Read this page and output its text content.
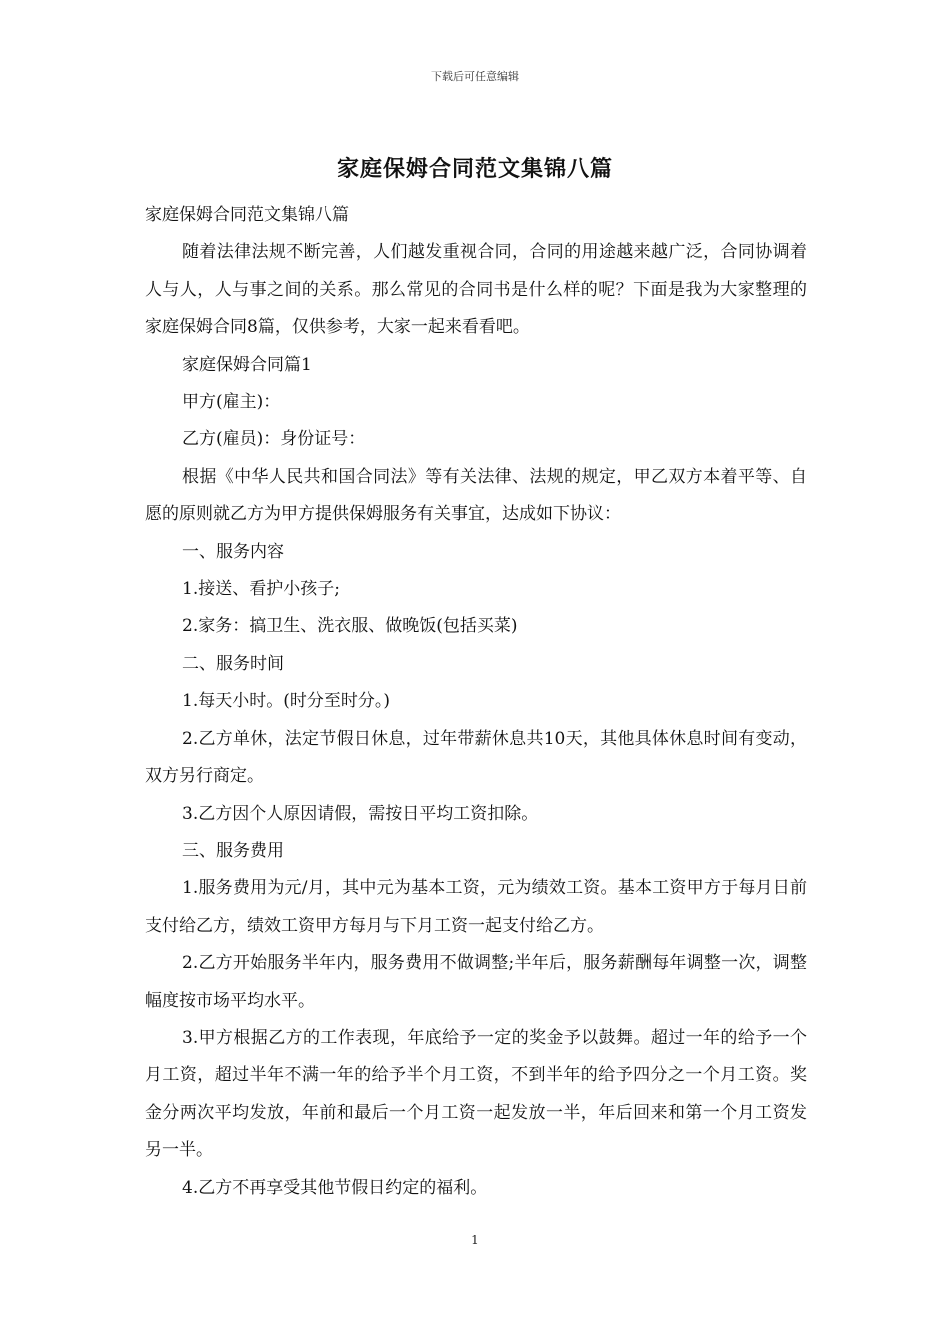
下载后可任意编辑
家庭保姆合同范文集锦八篇

家庭保姆合同范文集锦八篇

随着法律法规不断完善，人们越发重视合同，合同的用途越来越广泛，合同协调着人与人，人与事之间的关系。那么常见的合同书是什么样的呢？下面是我为大家整理的家庭保姆合同8篇，仅供参考，大家一起来看看吧。

家庭保姆合同篇1

甲方(雇主)：

乙方(雇员)：身份证号：

根据《中华人民共和国合同法》等有关法律、法规的规定，甲乙双方本着平等、自愿的原则就乙方为甲方提供保姆服务有关事宜，达成如下协议：

一、服务内容

1.接送、看护小孩子;

2.家务：搞卫生、洗衣服、做晚饭(包括买菜)

二、服务时间

1.每天小时。(时分至时分。)

2.乙方单休，法定节假日休息，过年带薪休息共10天，其他具体休息时间有变动，双方另行商定。

3.乙方因个人原因请假，需按日平均工资扣除。

三、服务费用

1.服务费用为元/月，其中元为基本工资，元为绩效工资。基本工资甲方于每月日前支付给乙方，绩效工资甲方每月与下月工资一起支付给乙方。

2.乙方开始服务半年内，服务费用不做调整;半年后，服务薪酬每年调整一次，调整幅度按市场平均水平。

3.甲方根据乙方的工作表现，年底给予一定的奖金予以鼓舞。超过一年的给予一个月工资，超过半年不满一年的给予半个月工资，不到半年的给予四分之一个月工资。奖金分两次平均发放，年前和最后一个月工资一起发放一半，年后回来和第一个月工资发另一半。

4.乙方不再享受其他节假日约定的福利。

1
